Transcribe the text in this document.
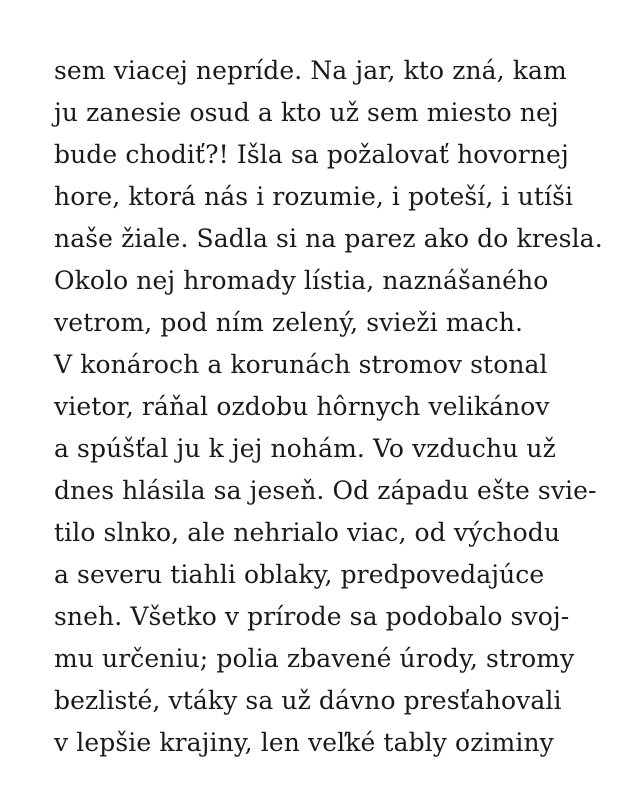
sem viacej nepríde. Na jar, kto zná, kam
ju zanesie osud a kto už sem miesto nej
bude chodiť?! Išla sa požalovať hovornej
hore, ktorá nás i rozumie, i poteší, i utíši
naše žiale. Sadla si na parez ako do kresla.
Okolo nej hromady lístia, naznášaného
vetrom, pod ním zelený, svieži mach.
V konároch a korunách stromov stonal
vietor, ráňal ozdobu hôrnych velikánov
a spúšťal ju k jej nohám. Vo vzduchu už
dnes hlásila sa jeseň. Od západu ešte svie-
tilo slnko, ale nehrialo viac, od východu
a severu tiahli oblaky, predpovedajúce
sneh. Všetko v prírode sa podobalo svoj-
mu určeniu; polia zbavené úrody, stromy
bezlisté, vtáky sa už dávno presťahovali
v lepšie krajiny, len veľké tably oziminy
